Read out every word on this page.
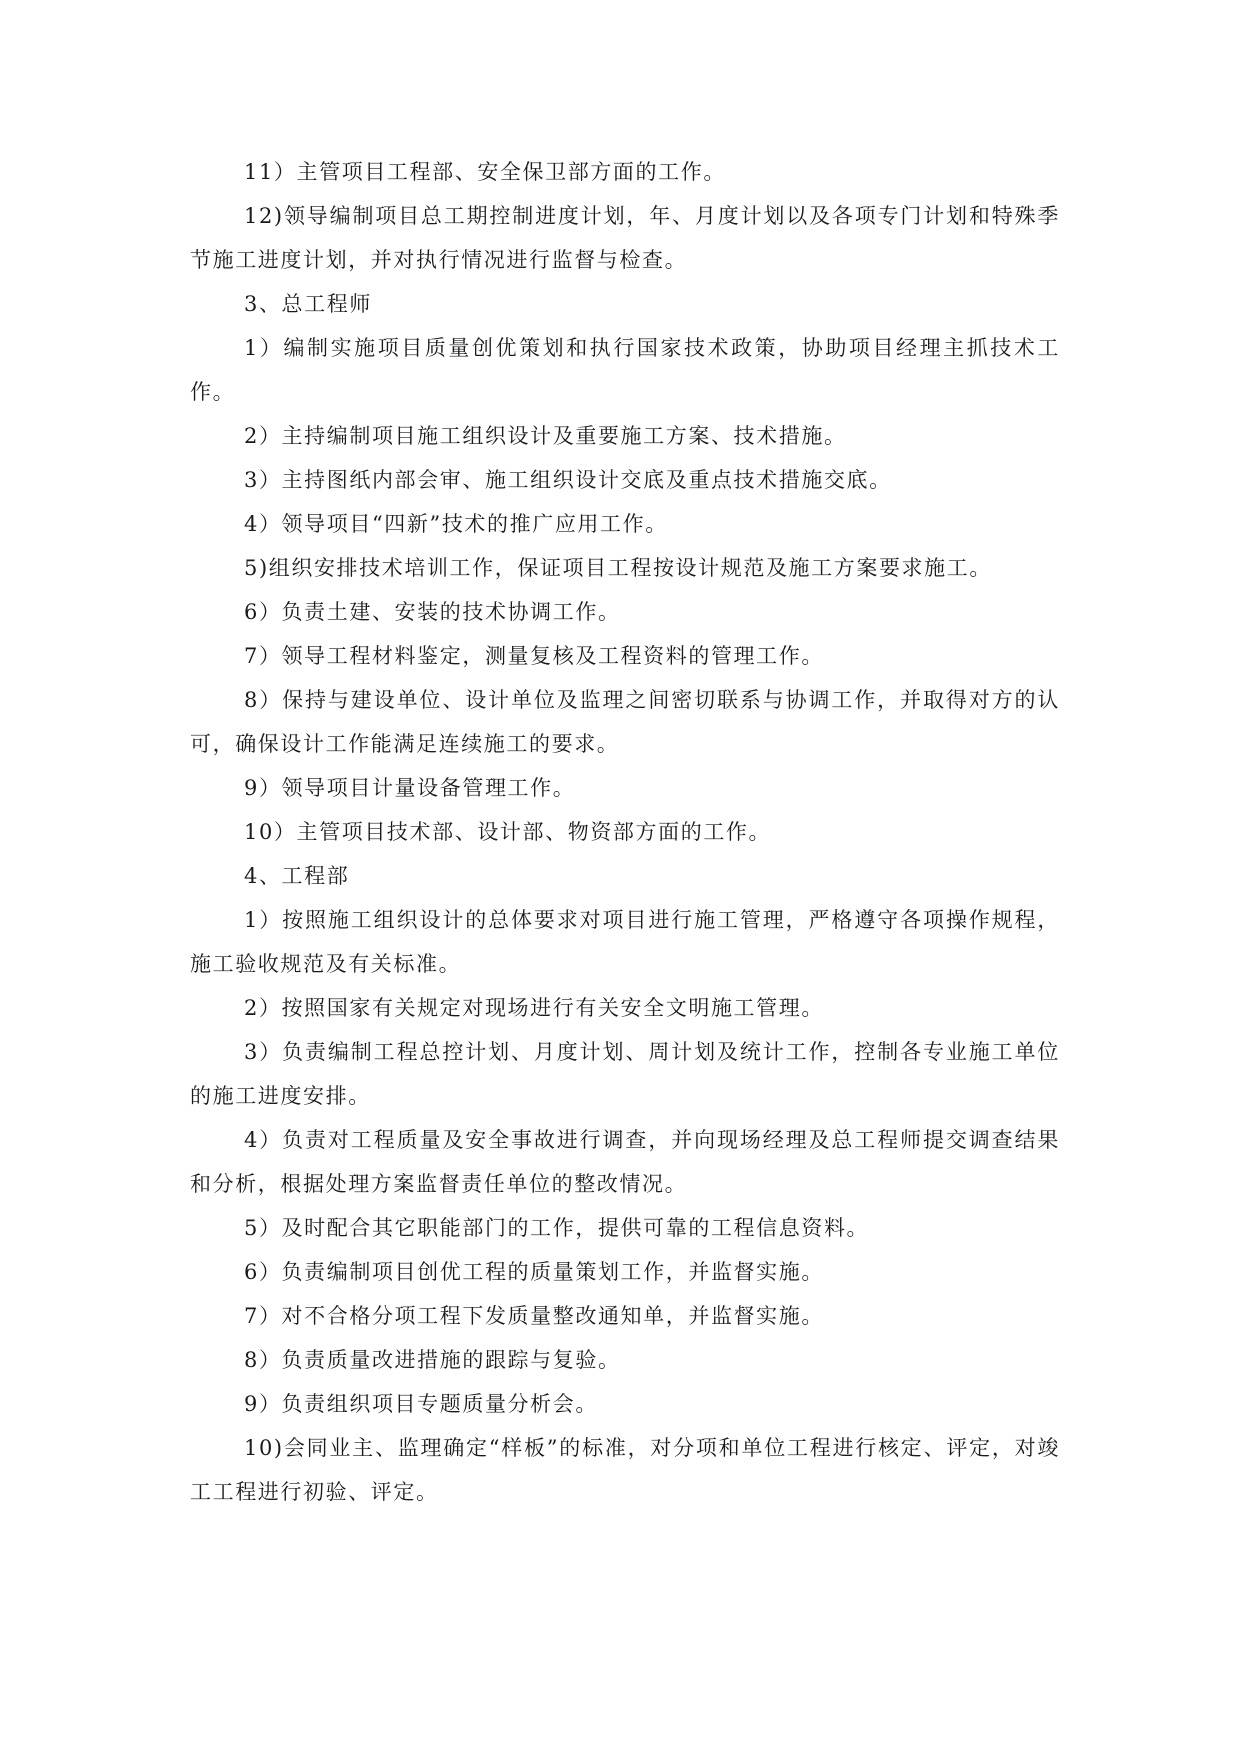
11）主管项目工程部、安全保卫部方面的工作。

12)领导编制项目总工期控制进度计划，年、月度计划以及各项专门计划和特殊季节施工进度计划，并对执行情况进行监督与检查。

3、总工程师

1）编制实施项目质量创优策划和执行国家技术政策，协助项目经理主抓技术工作。

2）主持编制项目施工组织设计及重要施工方案、技术措施。

3）主持图纸内部会审、施工组织设计交底及重点技术措施交底。

4）领导项目“四新”技术的推广应用工作。

5)组织安排技术培训工作，保证项目工程按设计规范及施工方案要求施工。

6）负责土建、安装的技术协调工作。

7）领导工程材料鉴定，测量复核及工程资料的管理工作。

8）保持与建设单位、设计单位及监理之间密切联系与协调工作，并取得对方的认可，确保设计工作能满足连续施工的要求。

9）领导项目计量设备管理工作。

10）主管项目技术部、设计部、物资部方面的工作。

4、工程部

1）按照施工组织设计的总体要求对项目进行施工管理，严格遵守各项操作规程，施工验收规范及有关标准。

2）按照国家有关规定对现场进行有关安全文明施工管理。

3）负责编制工程总控计划、月度计划、周计划及统计工作，控制各专业施工单位的施工进度安排。

4）负责对工程质量及安全事故进行调查，并向现场经理及总工程师提交调查结果和分析，根据处理方案监督责任单位的整改情况。

5）及时配合其它职能部门的工作，提供可靠的工程信息资料。

6）负责编制项目创优工程的质量策划工作，并监督实施。

7）对不合格分项工程下发质量整改通知单，并监督实施。

8）负责质量改进措施的跟踪与复验。

9）负责组织项目专题质量分析会。

10)会同业主、监理确定“样板”的标准，对分项和单位工程进行核定、评定，对竣工工程进行初验、评定。
